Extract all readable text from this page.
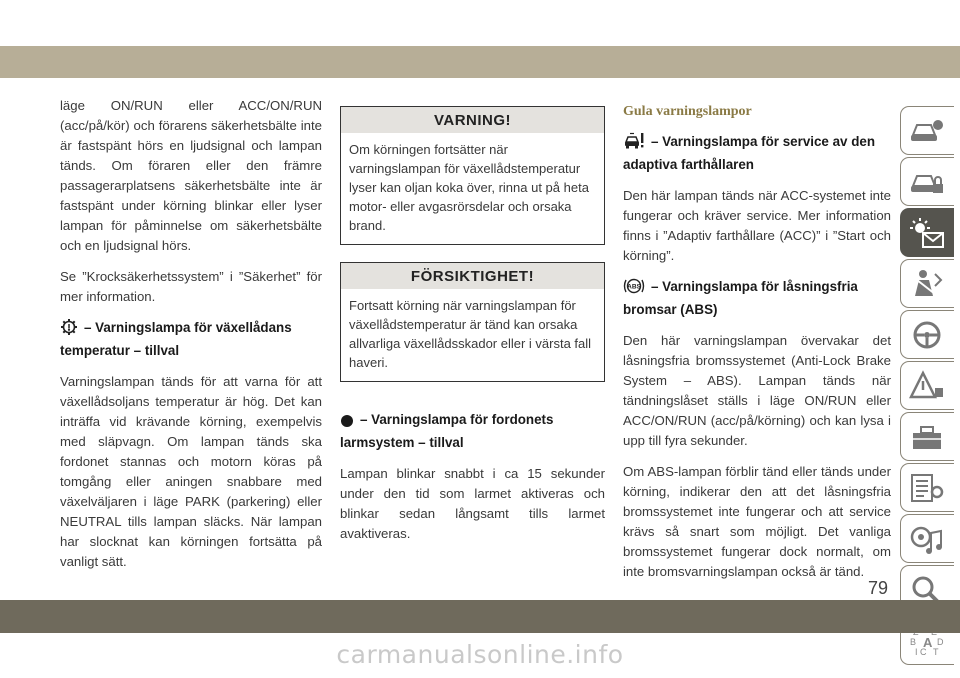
läge ON/RUN eller ACC/ON/RUN (acc/på/kör) och förarens säkerhetsbälte inte är fastspänt hörs en ljudsignal och lampan tänds. Om föraren eller den främre passagerarplatsens säkerhetsbälte inte är fastspänt under körning blinkar eller lyser lampan för påminnelse om säkerhetsbälte och en ljudsignal hörs.

Se ”Krocksäkerhetssystem” i ”Säkerhet” för mer information.

– Varningslampa för växellådans temperatur – tillval

Varningslampan tänds för att varna för att växellådsoljans temperatur är hög. Det kan inträffa vid krävande körning, exempelvis med släpvagn. Om lampan tänds ska fordonet stannas och motorn köras på tomgång eller aningen snabbare med växelväljaren i läge PARK (parkering) eller NEUTRAL tills lampan släcks. När lampan har slocknat kan körningen fortsätta på vanligt sätt.

VARNING!
Om körningen fortsätter när varningslampan för växellådstemperatur lyser kan oljan koka över, rinna ut på heta motor- eller avgasrörsdelar och orsaka brand.
FÖRSIKTIGHET!
Fortsatt körning när varningslampan för växellådstemperatur är tänd kan orsaka allvarliga växellådsskador eller i värsta fall haveri.
– Varningslampa för fordonets larmsystem – tillval

Lampan blinkar snabbt i ca 15 sekunder under den tid som larmet aktiveras och blinkar sedan långsamt tills larmet avaktiveras.

Gula varningslampor
– Varningslampa för service av den adaptiva farthållaren

Den här lampan tänds när ACC-systemet inte fungerar och kräver service. Mer information finns i ”Adaptiv farthållare (ACC)” i ”Start och körning”.

ABS – Varningslampa för låsningsfria bromsar (ABS)

Den här varningslampan övervakar det låsningsfria bromssystemet (Anti-Lock Brake System – ABS). Lampan tänds när tändningslåset ställs i läge ON/RUN eller ACC/ON/RUN (acc/på/körning) och kan lysa i upp till fyra sekunder.

Om ABS-lampan förblir tänd eller tänds under körning, indikerar den att det låsningsfria bromssystemet inte fungerar och att service krävs så snart som möjligt. Det vanliga bromssystemet fungerar dock normalt, om inte bromsvarningslampan också är tänd.

B A D
I C T
79
carmanualsonline.info
